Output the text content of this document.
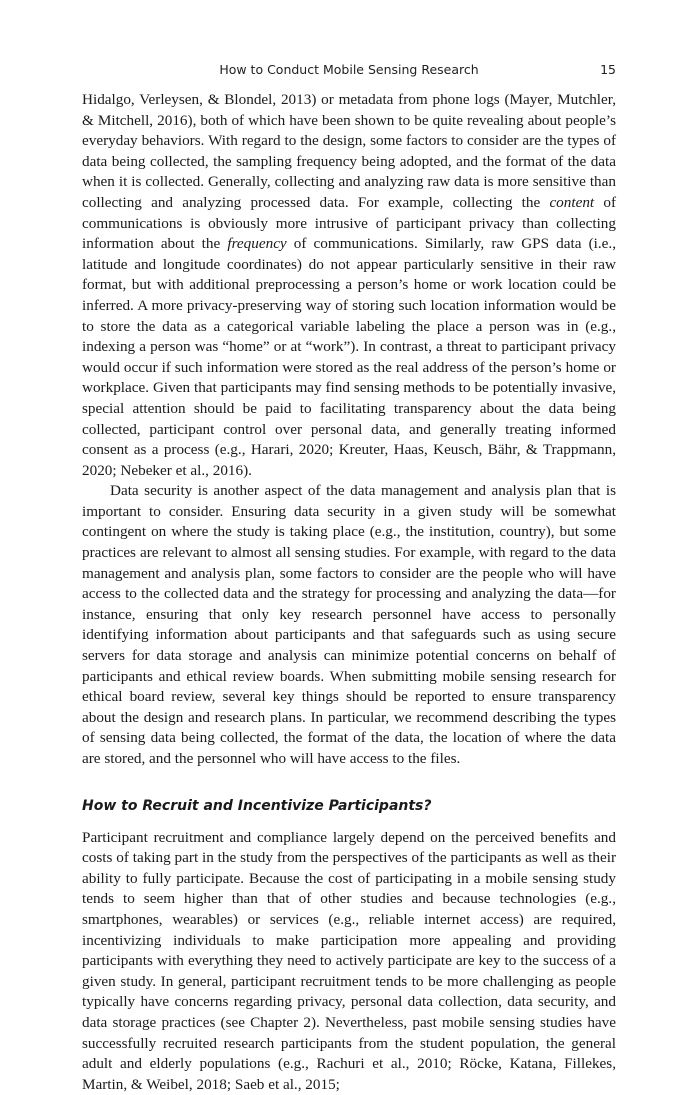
How to Conduct Mobile Sensing Research	15

Hidalgo, Verleysen, & Blondel, 2013) or metadata from phone logs (Mayer, Mutchler, & Mitchell, 2016), both of which have been shown to be quite revealing about people’s everyday behaviors. With regard to the design, some factors to consider are the types of data being collected, the sampling frequency being adopted, and the format of the data when it is collected. Generally, collecting and analyzing raw data is more sensitive than collecting and analyzing processed data. For example, collecting the content of communications is obviously more intrusive of participant privacy than collecting information about the frequency of communications. Similarly, raw GPS data (i.e., latitude and longitude coordinates) do not appear particularly sensitive in their raw format, but with additional preprocessing a person’s home or work location could be inferred. A more privacy-preserving way of storing such location information would be to store the data as a categorical variable labeling the place a person was in (e.g., indexing a person was “home” or at “work”). In contrast, a threat to participant privacy would occur if such information were stored as the real address of the person’s home or workplace. Given that participants may find sensing methods to be potentially invasive, special attention should be paid to facilitating transparency about the data being collected, participant control over personal data, and generally treating informed consent as a process (e.g., Harari, 2020; Kreuter, Haas, Keusch, Bähr, & Trappmann, 2020; Nebeker et al., 2016).

Data security is another aspect of the data management and analysis plan that is important to consider. Ensuring data security in a given study will be somewhat contingent on where the study is taking place (e.g., the institution, country), but some practices are relevant to almost all sensing studies. For example, with regard to the data management and analysis plan, some factors to consider are the people who will have access to the collected data and the strategy for processing and analyzing the data—for instance, ensuring that only key research personnel have access to personally identifying information about participants and that safeguards such as using secure servers for data storage and analysis can minimize potential concerns on behalf of participants and ethical review boards. When submitting mobile sensing research for ethical board review, several key things should be reported to ensure transparency about the design and research plans. In particular, we recommend describing the types of sensing data being collected, the format of the data, the location of where the data are stored, and the personnel who will have access to the files.

How to Recruit and Incentivize Participants?

Participant recruitment and compliance largely depend on the perceived benefits and costs of taking part in the study from the perspectives of the participants as well as their ability to fully participate. Because the cost of participating in a mobile sensing study tends to seem higher than that of other studies and because technologies (e.g., smartphones, wearables) or services (e.g., reliable internet access) are required, incentivizing individuals to make participation more appealing and providing participants with everything they need to actively participate are key to the success of a given study. In general, participant recruitment tends to be more challenging as people typically have concerns regarding privacy, personal data collection, data security, and data storage practices (see Chapter 2). Nevertheless, past mobile sensing studies have successfully recruited research participants from the student population, the general adult and elderly populations (e.g., Rachuri et al., 2010; Röcke, Katana, Fillekes, Martin, & Weibel, 2018; Saeb et al., 2015;
